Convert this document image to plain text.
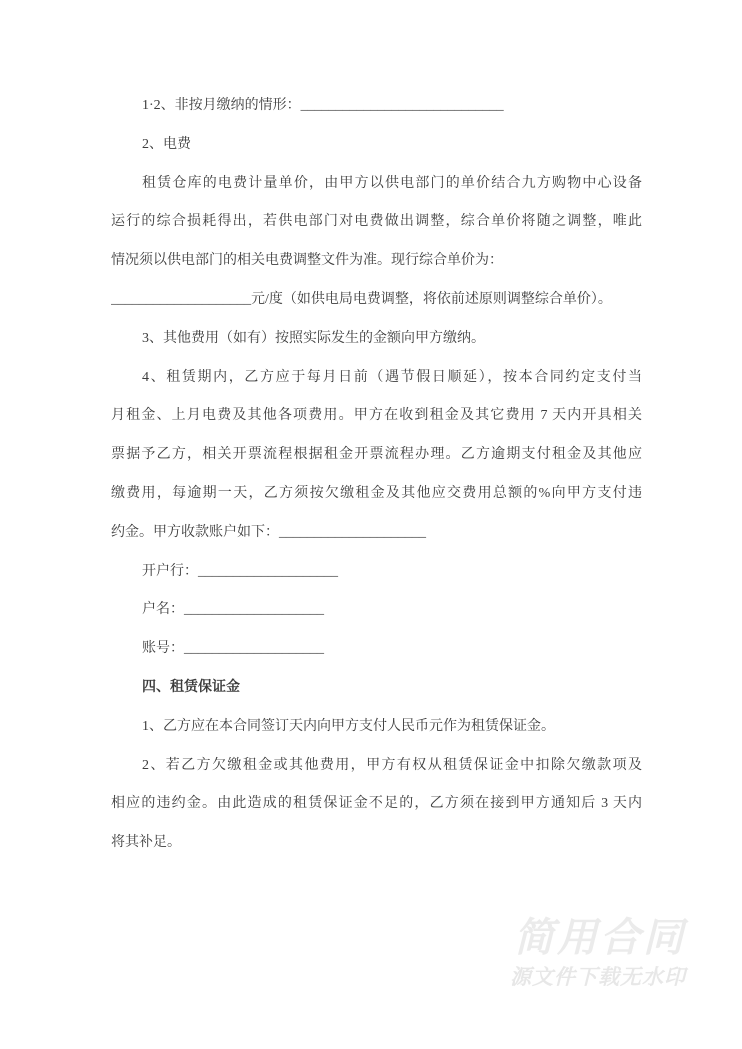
1·2、非按月缴纳的情形：_____________________________
2、电费
租赁仓库的电费计量单价，由甲方以供电部门的单价结合九方购物中心设备
运行的综合损耗得出，若供电部门对电费做出调整，综合单价将随之调整，唯此
情况须以供电部门的相关电费调整文件为准。现行综合单价为：
____________________元/度（如供电局电费调整，将依前述原则调整综合单价）。
3、其他费用（如有）按照实际发生的金额向甲方缴纳。
4、租赁期内，乙方应于每月日前（遇节假日顺延），按本合同约定支付当
月租金、上月电费及其他各项费用。甲方在收到租金及其它费用 7 天内开具相关
票据予乙方，相关开票流程根据租金开票流程办理。乙方逾期支付租金及其他应
缴费用，每逾期一天，乙方须按欠缴租金及其他应交费用总额的%向甲方支付违
约金。甲方收款账户如下：_____________________
开户行：____________________
户名：____________________
账号：____________________
四、租赁保证金
1、乙方应在本合同签订天内向甲方支付人民币元作为租赁保证金。
2、若乙方欠缴租金或其他费用，甲方有权从租赁保证金中扣除欠缴款项及
相应的违约金。由此造成的租赁保证金不足的，乙方须在接到甲方通知后 3 天内
将其补足。
简用合同
源文件下载无水印
